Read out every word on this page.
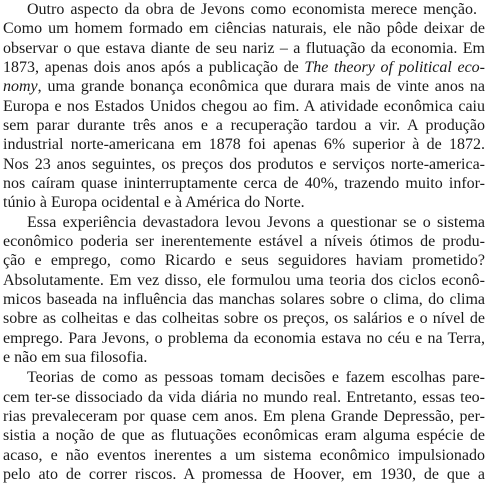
Outro aspecto da obra de Jevons como economista merece menção.
Como um homem formado em ciências naturais, ele não pôde deixar de
observar o que estava diante de seu nariz – a flutuação da economia. Em
1873, apenas dois anos após a publicação de The theory of political eco-
nomy, uma grande bonança econômica que durara mais de vinte anos na
Europa e nos Estados Unidos chegou ao fim. A atividade econômica caiu
sem parar durante três anos e a recuperação tardou a vir. A produção
industrial norte-americana em 1878 foi apenas 6% superior à de 1872.
Nos 23 anos seguintes, os preços dos produtos e serviços norte-america-
nos caíram quase ininterruptamente cerca de 40%, trazendo muito infor-
túnio à Europa ocidental e à América do Norte.
Essa experiência devastadora levou Jevons a questionar se o sistema
econômico poderia ser inerentemente estável a níveis ótimos de produ-
ção e emprego, como Ricardo e seus seguidores haviam prometido?
Absolutamente. Em vez disso, ele formulou uma teoria dos ciclos econô-
micos baseada na influência das manchas solares sobre o clima, do clima
sobre as colheitas e das colheitas sobre os preços, os salários e o nível de
emprego. Para Jevons, o problema da economia estava no céu e na Terra,
e não em sua filosofia.
Teorias de como as pessoas tomam decisões e fazem escolhas pare-
cem ter-se dissociado da vida diária no mundo real. Entretanto, essas teo-
rias prevaleceram por quase cem anos. Em plena Grande Depressão, per-
sistia a noção de que as flutuações econômicas eram alguma espécie de
acaso, e não eventos inerentes a um sistema econômico impulsionado
pelo ato de correr riscos. A promessa de Hoover, em 1930, de que a
